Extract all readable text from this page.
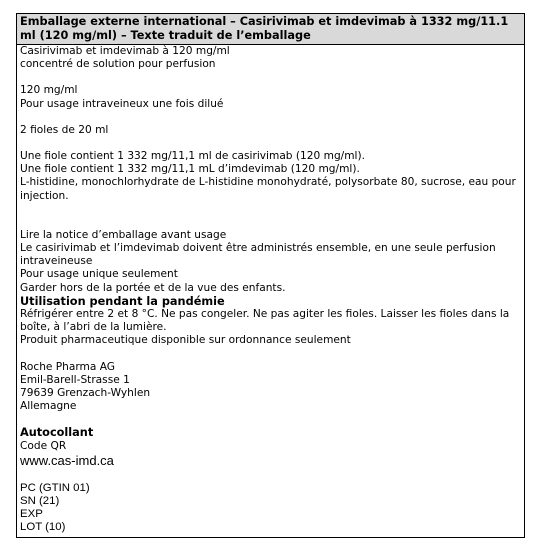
Emballage externe international – Casirivimab et imdevimab à 1332 mg/11.1 ml (120 mg/ml) – Texte traduit de l’emballage

Casirivimab et imdevimab à 120 mg/ml

concentré de solution pour perfusion

120 mg/ml

Pour usage intraveineux une fois dilué

2 fioles de 20 ml

Une fiole contient 1 332 mg/11,1 ml de casirivimab (120 mg/ml).

Une fiole contient 1 332 mg/11,1 mL d’imdevimab (120 mg/ml).

L-histidine, monochlorhydrate de L-histidine monohydraté, polysorbate 80, sucrose, eau pour injection.

Lire la notice d’emballage avant usage

Le casirivimab et l’imdevimab doivent être administrés ensemble, en une seule perfusion intraveineuse

Pour usage unique seulement

Garder hors de la portée et de la vue des enfants.

Utilisation pendant la pandémie

Réfrigérer entre 2 et 8 °C. Ne pas congeler. Ne pas agiter les fioles. Laisser les fioles dans la boîte, à l’abri de la lumière.

Produit pharmaceutique disponible sur ordonnance seulement

Roche Pharma AG

Emil-Barell-Strasse 1

79639 Grenzach-Wyhlen

Allemagne

Autocollant

Code QR

www.cas-imd.ca

PC (GTIN 01)

SN (21)

EXP

LOT (10)
